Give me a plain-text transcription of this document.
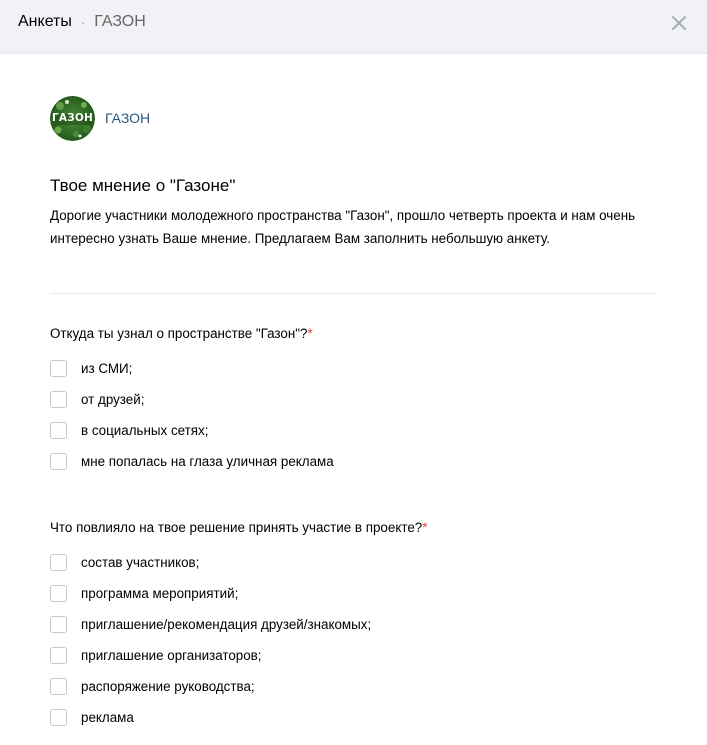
Анкеты · ГАЗОН
ГАЗОН ГАЗОН
Твое мнение о "Газоне"
Дорогие участники молодежного пространства "Газон", прошло четверть проекта и нам очень интересно узнать Ваше мнение. Предлагаем Вам заполнить небольшую анкету.
Откуда ты узнал о пространстве "Газон"?*
из СМИ;
от друзей;
в социальных сетях;
мне попалась на глаза уличная реклама
Что повлияло на твое решение принять участие в проекте?*
состав участников;
программа мероприятий;
приглашение/рекомендация друзей/знакомых;
приглашение организаторов;
распоряжение руководства;
реклама
